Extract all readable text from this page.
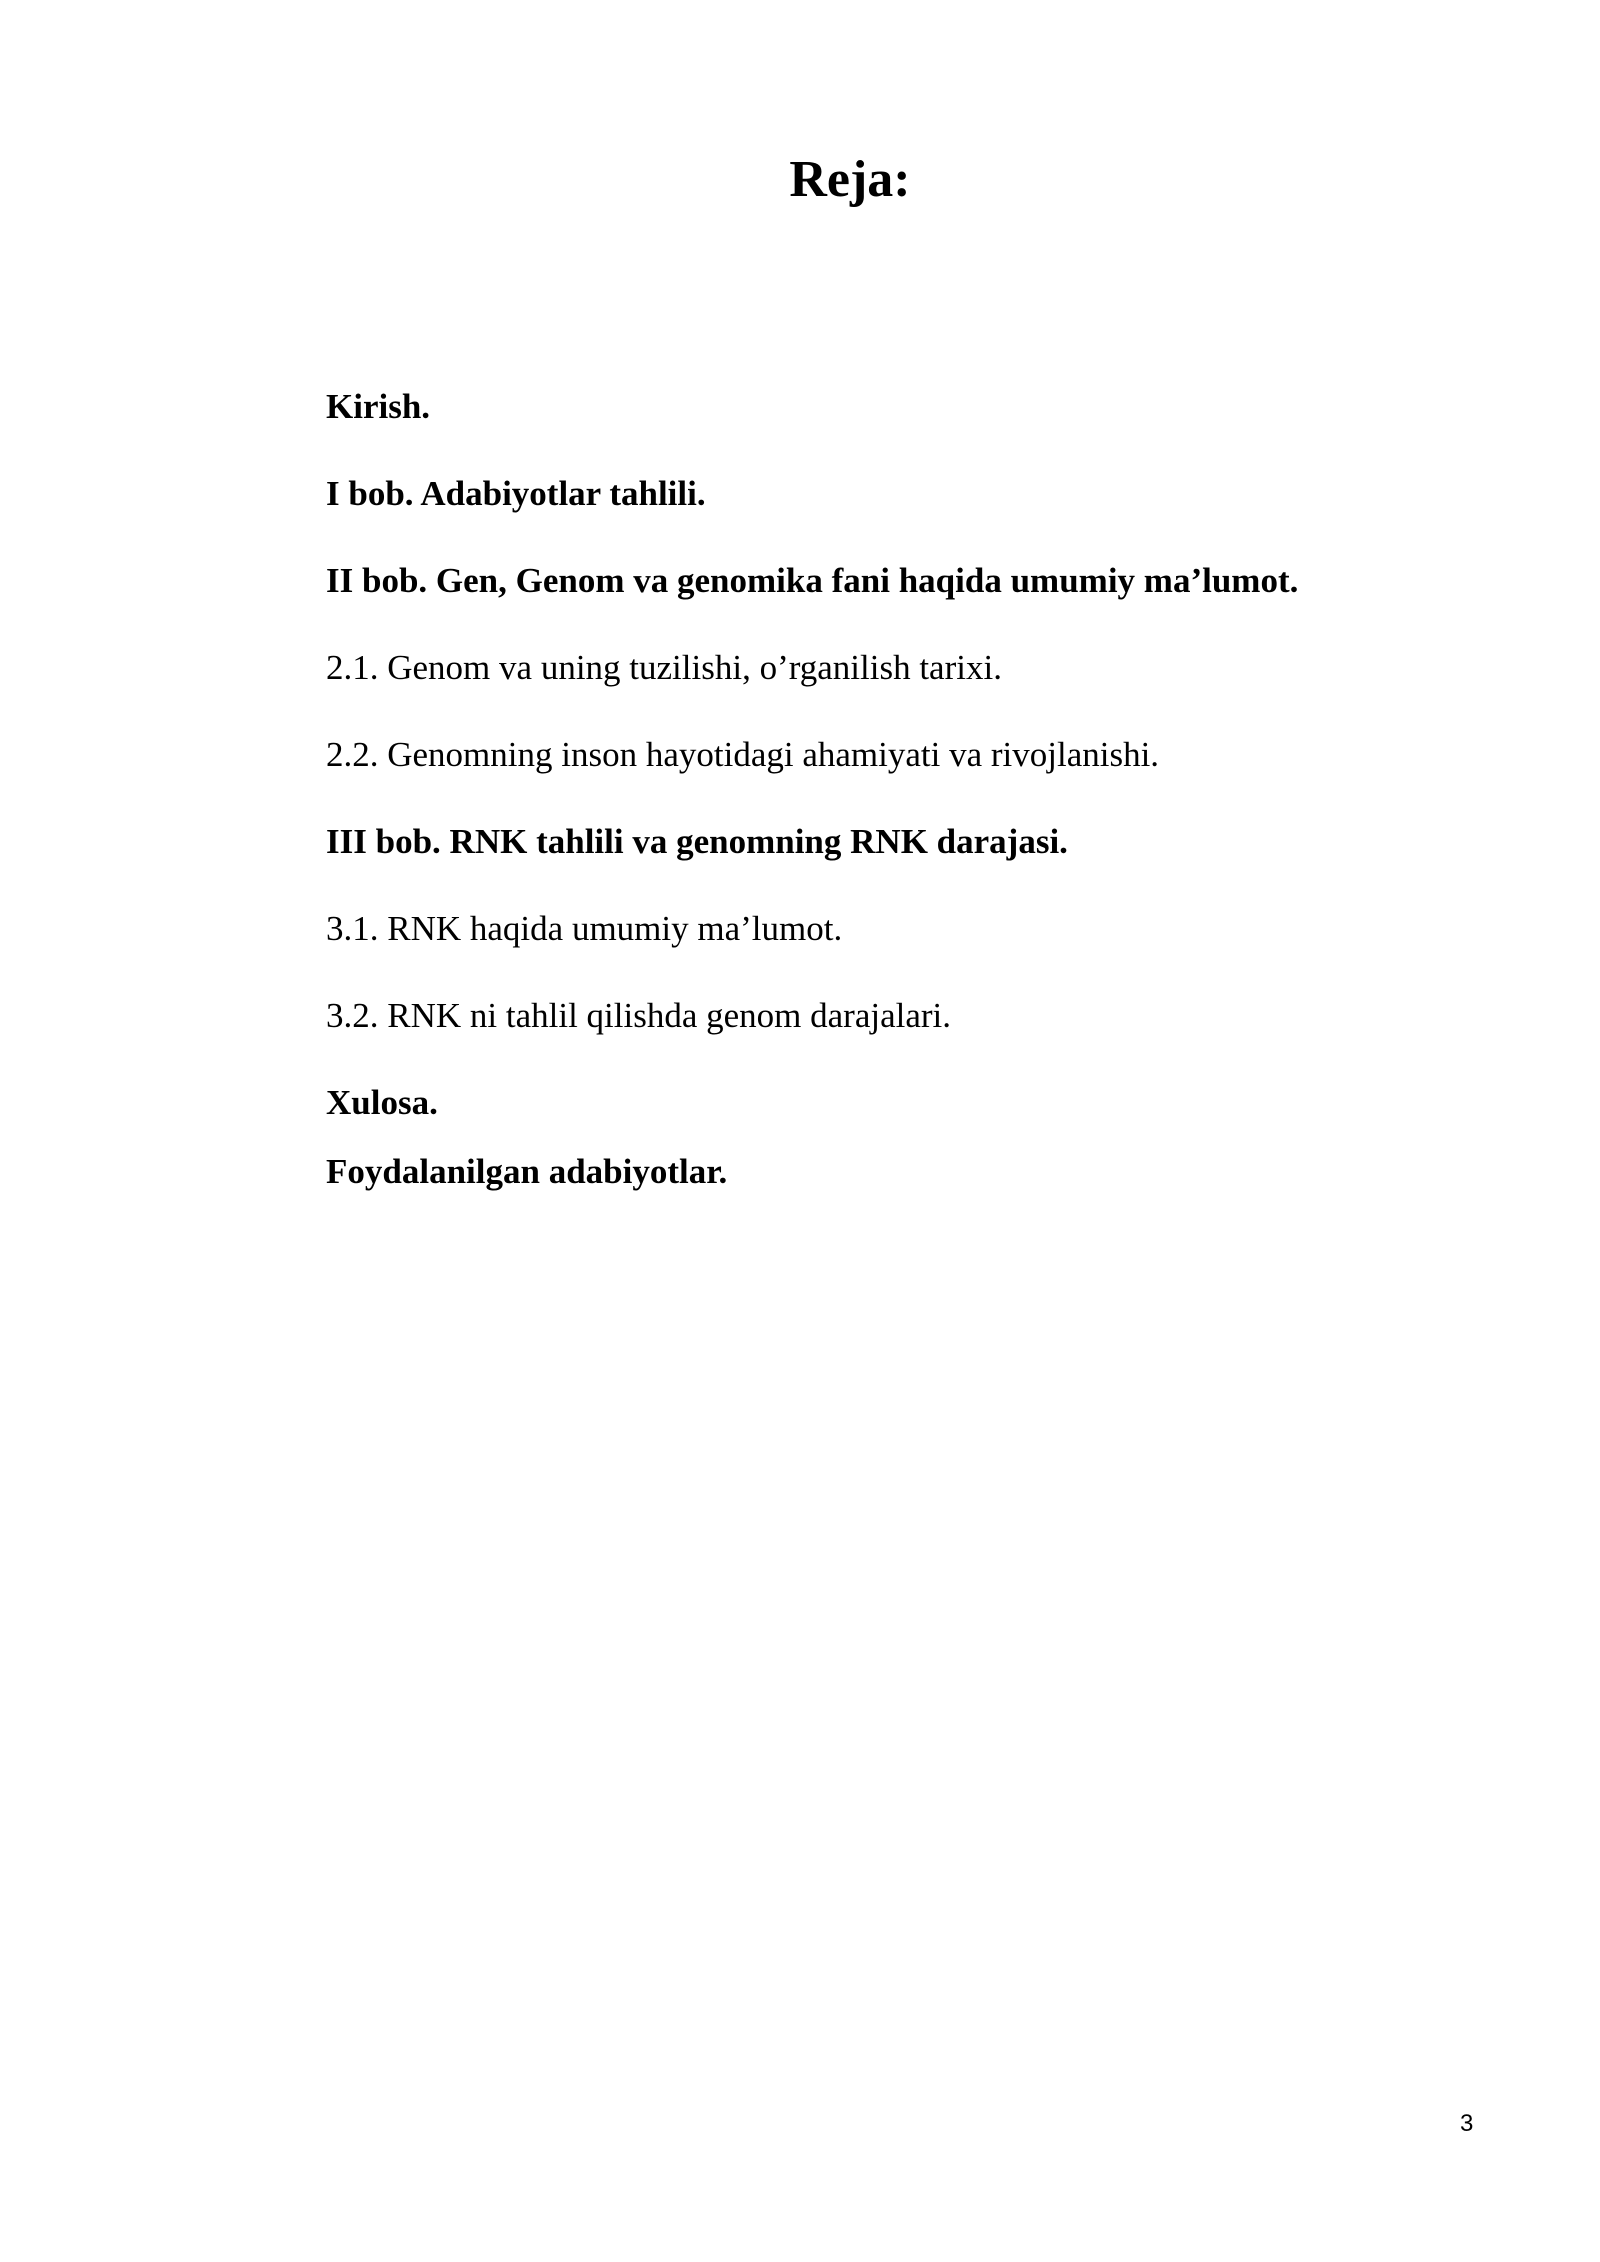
Reja:
Kirish.
I bob. Adabiyotlar tahlili.
II bob. Gen, Genom va genomika fani haqida umumiy ma’lumot.
2.1. Genom va uning tuzilishi, o’rganilish tarixi.
2.2. Genomning inson hayotidagi ahamiyati va rivojlanishi.
III bob. RNK tahlili va genomning RNK darajasi.
3.1. RNK haqida umumiy ma’lumot.
3.2. RNK ni tahlil qilishda genom darajalari.
Xulosa.
Foydalanilgan adabiyotlar.
3
